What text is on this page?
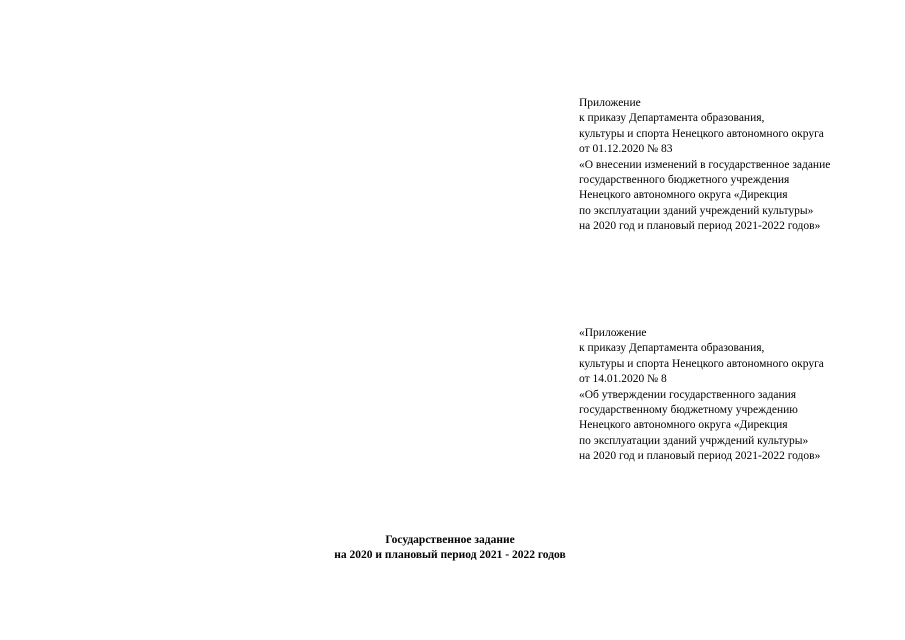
Приложение
к приказу Департамента образования,
культуры и спорта Ненецкого автономного округа
от 01.12.2020 № 83
«О внесении изменений в государственное задание
государственного бюджетного учреждения
Ненецкого автономного округа «Дирекция
по эксплуатации зданий учреждений культуры»
на 2020 год и плановый период 2021-2022 годов»
«Приложение
к приказу Департамента образования,
культуры и спорта Ненецкого автономного округа
от 14.01.2020 № 8
«Об утверждении государственного задания
государственному бюджетному учреждению
Ненецкого автономного округа «Дирекция
по эксплуатации зданий учрждений культуры»
на 2020 год и плановый период 2021-2022 годов»
Государственное задание
на 2020 и плановый период 2021 - 2022 годов
